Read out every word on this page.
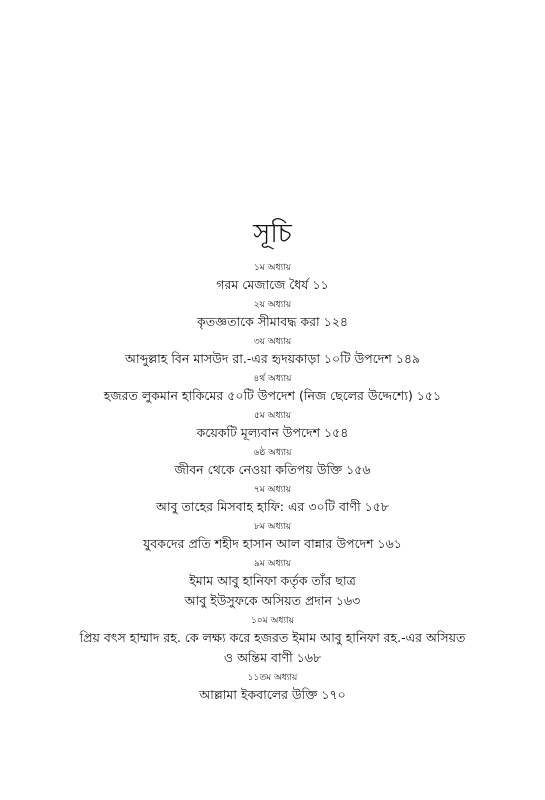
সূচি
১ম অধ্যায়
গরম মেজাজে ধৈর্য ১১
২য় অধ্যায়
কৃতজ্ঞতাকে সীমাবদ্ধ করা ১২৪
৩য় অধ্যায়
আব্দুল্লাহ বিন মাসউদ রা.-এর হৃদয়কাড়া ১০টি উপদেশ ১৪৯
৪র্থ অধ্যায়
হজরত লুকমান হাকিমের ৫০টি উপদেশ (নিজ ছেলের উদ্দেশ্যে) ১৫১
৫ম অধ্যায়
কয়েকটি মূল্যবান উপদেশ ১৫৪
৬ষ্ঠ অধ্যায়
জীবন থেকে নেওয়া কতিপয় উক্তি ১৫৬
৭ম অধ্যায়
আবু তাহের মিসবাহ হাফি: এর ৩০টি বাণী ১৫৮
৮ম অধ্যায়
যুবকদের প্রতি শহীদ হাসান আল বান্নার উপদেশ ১৬১
৯ম অধ্যায়
ইমাম আবু হানিফা কর্তৃক তাঁর ছাত্র
আবু ইউসুফকে অসিয়ত প্রদান ১৬৩
১০ম অধ্যায়
প্রিয় বৎস হাম্মাদ রহ. কে লক্ষ্য করে হজরত ইমাম আবু হানিফা রহ.-এর অসিয়ত
ও অন্তিম বাণী ১৬৮
১১তম অধ্যায়
আল্লামা ইকবালের উক্তি ১৭০
